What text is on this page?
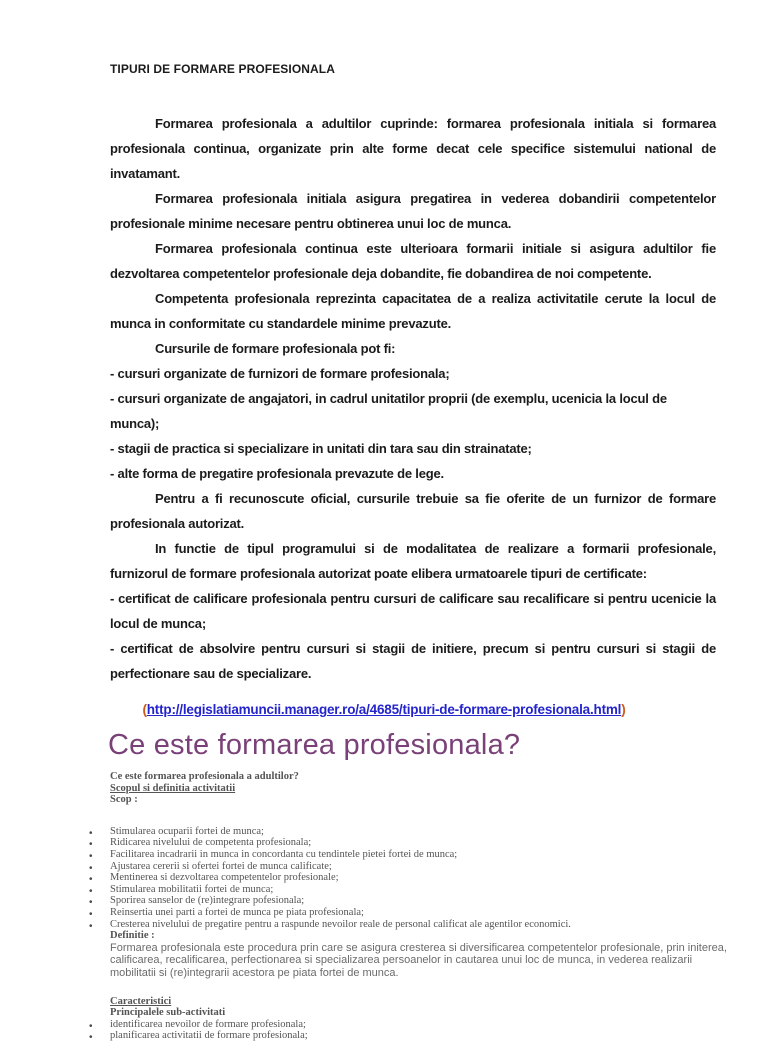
TIPURI DE FORMARE PROFESIONALA

Formarea profesionala a adultilor cuprinde: formarea profesionala initiala si formarea profesionala continua, organizate prin alte forme decat cele specifice sistemului national de invatamant.

Formarea profesionala initiala asigura pregatirea in vederea dobandirii competentelor profesionale minime necesare pentru obtinerea unui loc de munca.

Formarea profesionala continua este ulterioara formarii initiale si asigura adultilor fie dezvoltarea competentelor profesionale deja dobandite, fie dobandirea de noi competente.

Competenta profesionala reprezinta capacitatea de a realiza activitatile cerute la locul de munca in conformitate cu standardele minime prevazute.

Cursurile de formare profesionala pot fi:

- cursuri organizate de furnizori de formare profesionala;

- cursuri organizate de angajatori, in cadrul unitatilor proprii (de exemplu, ucenicia la locul de munca);

- stagii de practica si specializare in unitati din tara sau din strainatate;

- alte forma de pregatire profesionala prevazute de lege.

Pentru a fi recunoscute oficial, cursurile trebuie sa fie oferite de un furnizor de formare profesionala autorizat.

In functie de tipul programului si de modalitatea de realizare a formarii profesionale, furnizorul de formare profesionala autorizat poate elibera urmatoarele tipuri de certificate:

- certificat de calificare profesionala pentru cursuri de calificare sau recalificare si pentru ucenicie la locul de munca;

- certificat de absolvire pentru cursuri si stagii de initiere, precum si pentru cursuri si stagii de perfectionare sau de specializare.

(http://legislatiamuncii.manager.ro/a/4685/tipuri-de-formare-profesionala.html)

Ce este formarea profesionala?

Ce este formarea profesionala a adultilor?

Scopul si definitia activitatii

Scop :

• Stimularea ocuparii fortei de munca;
• Ridicarea nivelului de competenta profesionala;
• Facilitarea incadrarii in munca in concordanta cu tendintele pietei fortei de munca;
• Ajustarea cererii si ofertei fortei de munca calificate;
• Mentinerea si dezvoltarea competentelor profesionale;
• Stimularea mobilitatii fortei de munca;
• Sporirea sanselor de (re)integrare pofesionala;
• Reinsertia unei parti a fortei de munca pe piata profesionala;
• Cresterea nivelului de pregatire pentru a raspunde nevoilor reale de personal calificat ale agentilor economici.

Definitie :

Formarea profesionala este procedura prin care se asigura cresterea si diversificarea competentelor profesionale, prin initerea, calificarea, recalificarea, perfectionarea si specializarea persoanelor in cautarea unui loc de munca, in vederea realizarii mobilitatii si (re)integrarii acestora pe piata fortei de munca.

Caracteristici

Principalele sub-activitati

• identificarea nevoilor de formare profesionala;
• planificarea activitatii de formare profesionala;
